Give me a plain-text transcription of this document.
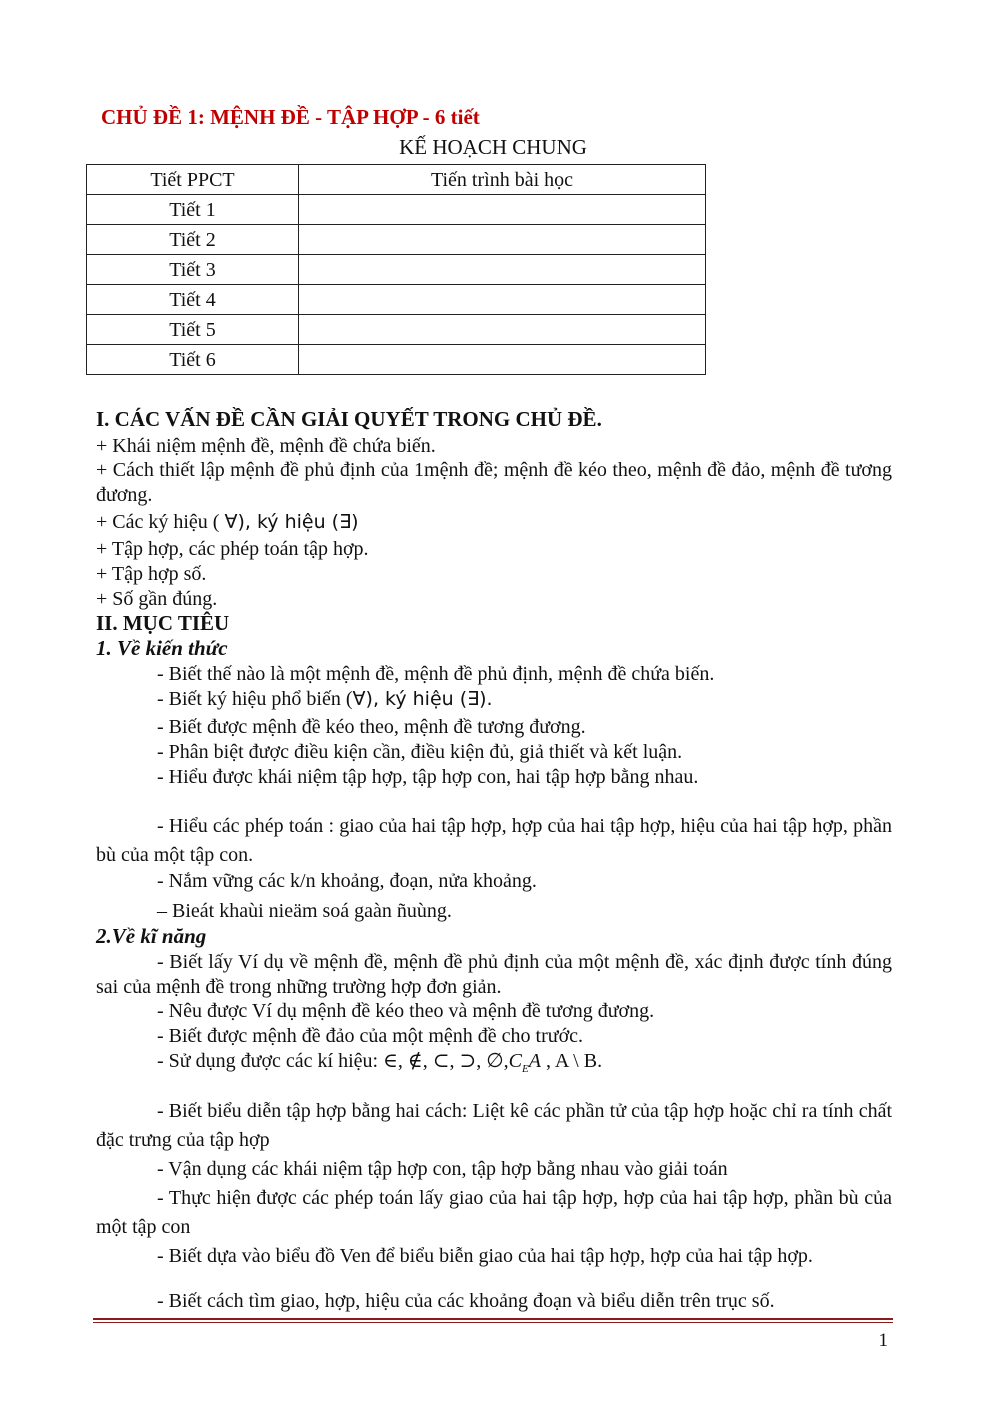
CHỦ ĐỀ 1: MỆNH ĐỀ - TẬP HỢP - 6 tiết
KẾ HOẠCH CHUNG
Tiết PPCT	Tiến trình bài học
Tiết 1	
Tiết 2	
Tiết 3	
Tiết 4	
Tiết 5	
Tiết 6	
I. CÁC VẤN ĐỀ CẦN GIẢI QUYẾT TRONG CHỦ ĐỀ.
+ Khái niệm mệnh đề, mệnh đề chứa biến.
+ Cách thiết lập mệnh đề phủ định của 1mệnh đề; mệnh đề kéo theo, mệnh đề đảo, mệnh đề tương đương.
+ Các ký hiệu ( ∀), ký hiệu (∃)
+ Tập hợp, các phép toán tập hợp.
+ Tập hợp số.
+ Số gần đúng.
II. MỤC TIÊU
1. Về kiến thức
- Biết thế nào là một mệnh đề, mệnh đề phủ định, mệnh đề chứa biến.
- Biết ký hiệu phổ biến (∀), ký hiệu (∃).
- Biết được mệnh đề kéo theo, mệnh đề tương đương.
- Phân biệt được điều kiện cần, điều kiện đủ, giả thiết và kết luận.
- Hiểu được khái niệm tập hợp, tập hợp con, hai tập hợp bằng nhau.
- Hiểu các phép toán : giao của hai tập hợp, hợp của hai tập hợp, hiệu của hai tập hợp, phần bù của một tập con.
- Nắm vững các k/n khoảng, đoạn, nửa khoảng.
– Bieát khaùi nieäm soá gaàn ñuùng.
2.Về kĩ năng
- Biết lấy Ví dụ về mệnh đề, mệnh đề phủ định của một mệnh đề, xác định được tính đúng sai của mệnh đề trong những trường hợp đơn giản.
- Nêu được Ví dụ mệnh đề kéo theo và mệnh đề tương đương.
- Biết được mệnh đề đảo của một mệnh đề cho trước.
- Sử dụng được các kí hiệu: ∈, ∉, ⊂, ⊃, $\emptyset,C_EA$ , A \ B.
- Biết biểu diễn tập hợp bằng hai cách: Liệt kê các phần tử của tập hợp hoặc chỉ ra tính chất đặc trưng của tập hợp
- Vận dụng các khái niệm tập hợp con, tập hợp bằng nhau vào giải toán
- Thực hiện được các phép toán lấy giao của hai tập hợp, hợp của hai tập hợp, phần bù của một tập con
- Biết dựa vào biểu đồ Ven để biểu biễn giao của hai tập hợp, hợp của hai tập hợp.
- Biết cách tìm giao, hợp, hiệu của các khoảng đoạn và biểu diễn trên trục số.
1
